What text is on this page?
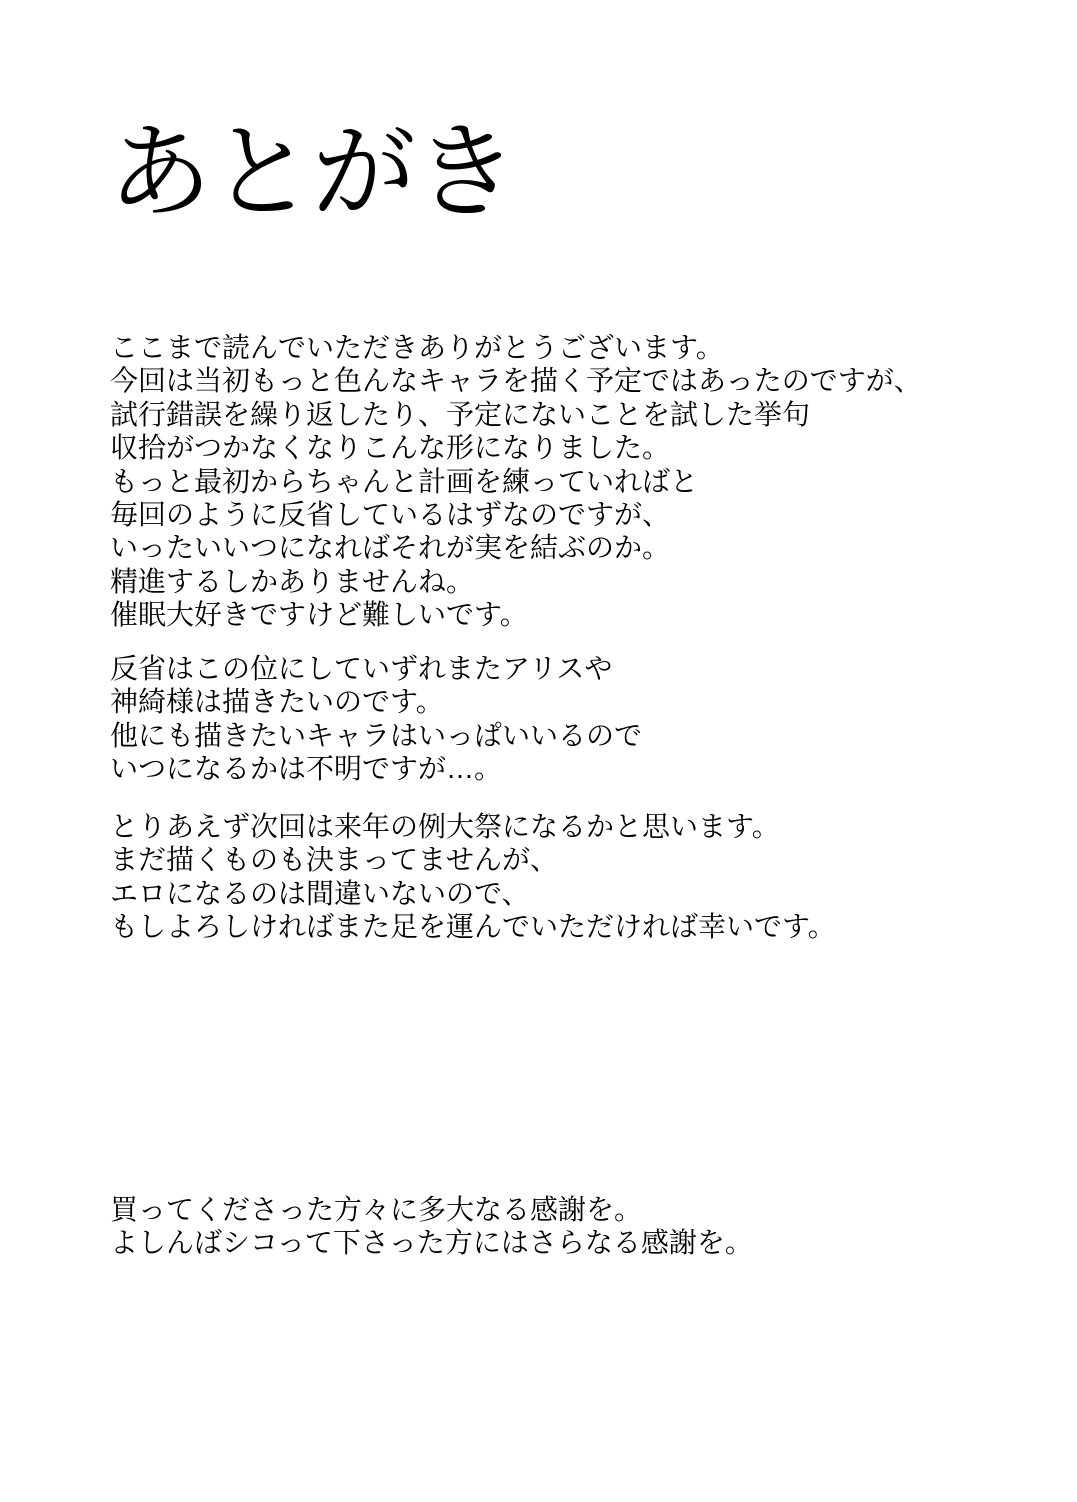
あとがき
ここまで読んでいただきありがとうございます。
今回は当初もっと色んなキャラを描く予定ではあったのですが、
試行錯誤を繰り返したり、予定にないことを試した挙句
収拾がつかなくなりこんな形になりました。
もっと最初からちゃんと計画を練っていればと
毎回のように反省しているはずなのですが、
いったいいつになればそれが実を結ぶのか。
精進するしかありませんね。
催眠大好きですけど難しいです。
反省はこの位にしていずれまたアリスや
神綺様は描きたいのです。
他にも描きたいキャラはいっぱいいるので
いつになるかは不明ですが…。
とりあえず次回は来年の例大祭になるかと思います。
まだ描くものも決まってませんが、
エロになるのは間違いないので、
もしよろしければまた足を運んでいただければ幸いです。
買ってくださった方々に多大なる感謝を。
よしんばシコって下さった方にはさらなる感謝を。
